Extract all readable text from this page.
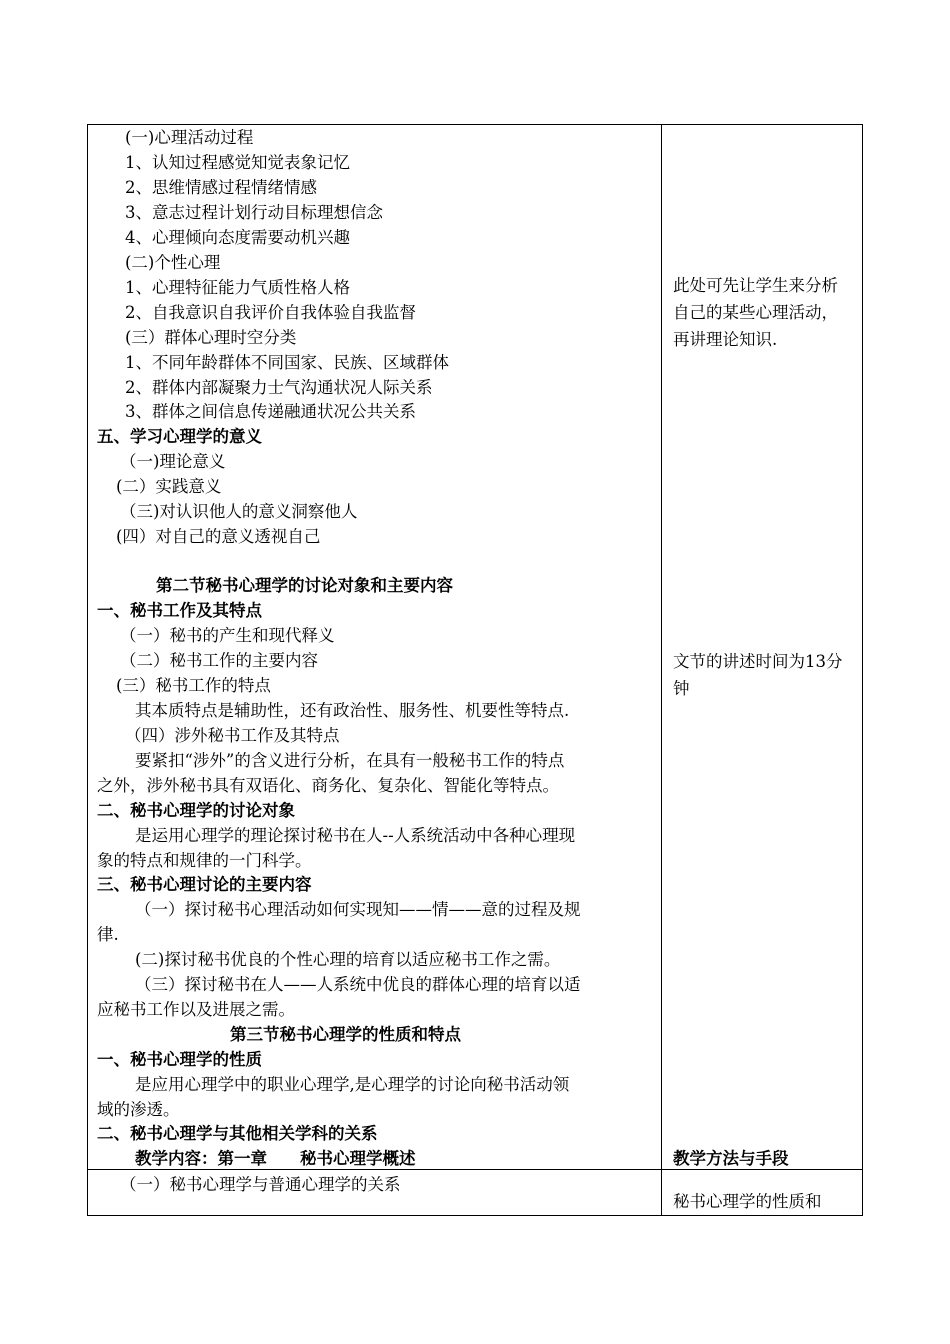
(一)心理活动过程
1、认知过程感觉知觉表象记忆
2、思维情感过程情绪情感
3、意志过程计划行动目标理想信念
4、心理倾向态度需要动机兴趣
(二)个性心理
1、心理特征能力气质性格人格
2、自我意识自我评价自我体验自我监督
(三）群体心理时空分类
1、不同年龄群体不同国家、民族、区域群体
2、群体内部凝聚力士气沟通状况人际关系
3、群体之间信息传递融通状况公共关系
五、学习心理学的意义
（一)理论意义
(二）实践意义
（三)对认识他人的意义洞察他人
(四）对自己的意义透视自己
第二节秘书心理学的讨论对象和主要内容
一、秘书工作及其特点
（一）秘书的产生和现代释义
（二）秘书工作的主要内容
(三）秘书工作的特点
其本质特点是辅助性，还有政治性、服务性、机要性等特点.
（四）涉外秘书工作及其特点
要紧扣“涉外”的含义进行分析，在具有一般秘书工作的特点
之外，涉外秘书具有双语化、商务化、复杂化、智能化等特点。
二、秘书心理学的讨论对象
是运用心理学的理论探讨秘书在人--人系统活动中各种心理现
象的特点和规律的一门科学。
三、秘书心理讨论的主要内容
（一）探讨秘书心理活动如何实现知——情——意的过程及规
律.
(二)探讨秘书优良的个性心理的培育以适应秘书工作之需。
（三）探讨秘书在人——人系统中优良的群体心理的培育以适
应秘书工作以及进展之需。
第三节秘书心理学的性质和特点
一、秘书心理学的性质
是应用心理学中的职业心理学,是心理学的讨论向秘书活动领
域的渗透。
二、秘书心理学与其他相关学科的关系
教学内容：第一章　　秘书心理学概述
（一）秘书心理学与普通心理学的关系
此处可先让学生来分析自己的某些心理活动，再讲理论知识.
文节的讲述时间为13分钟
教学方法与手段
秘书心理学的性质和
